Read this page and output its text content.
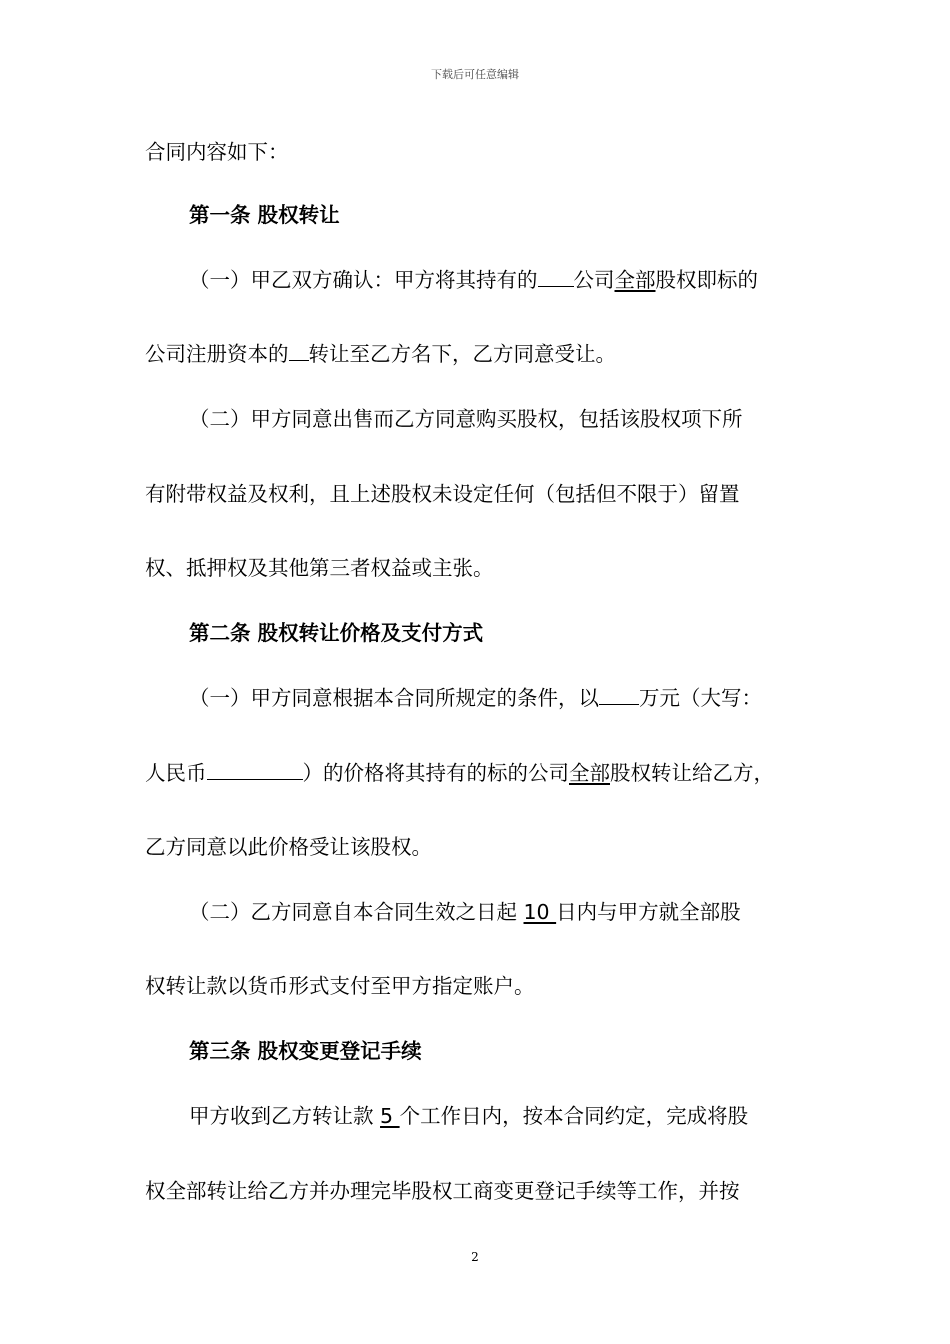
下载后可任意编辑
合同内容如下：
第一条 股权转让
（一）甲乙双方确认：甲方将其持有的 公司全部股权即标的
公司注册资本的 转让至乙方名下，乙方同意受让。
（二）甲方同意出售而乙方同意购买股权，包括该股权项下所
有附带权益及权利，且上述股权未设定任何（包括但不限于）留置
权、抵押权及其他第三者权益或主张。
第二条 股权转让价格及支付方式
（一）甲方同意根据本合同所规定的条件，以 万元（大写：
人民币	）的价格将其持有的标的公司全部股权转让给乙方，
乙方同意以此价格受让该股权。
（二）乙方同意自本合同生效之日起 10 日内与甲方就全部股
权转让款以货币形式支付至甲方指定账户。
第三条 股权变更登记手续
甲方收到乙方转让款 5 个工作日内，按本合同约定，完成将股
权全部转让给乙方并办理完毕股权工商变更登记手续等工作，并按
2
